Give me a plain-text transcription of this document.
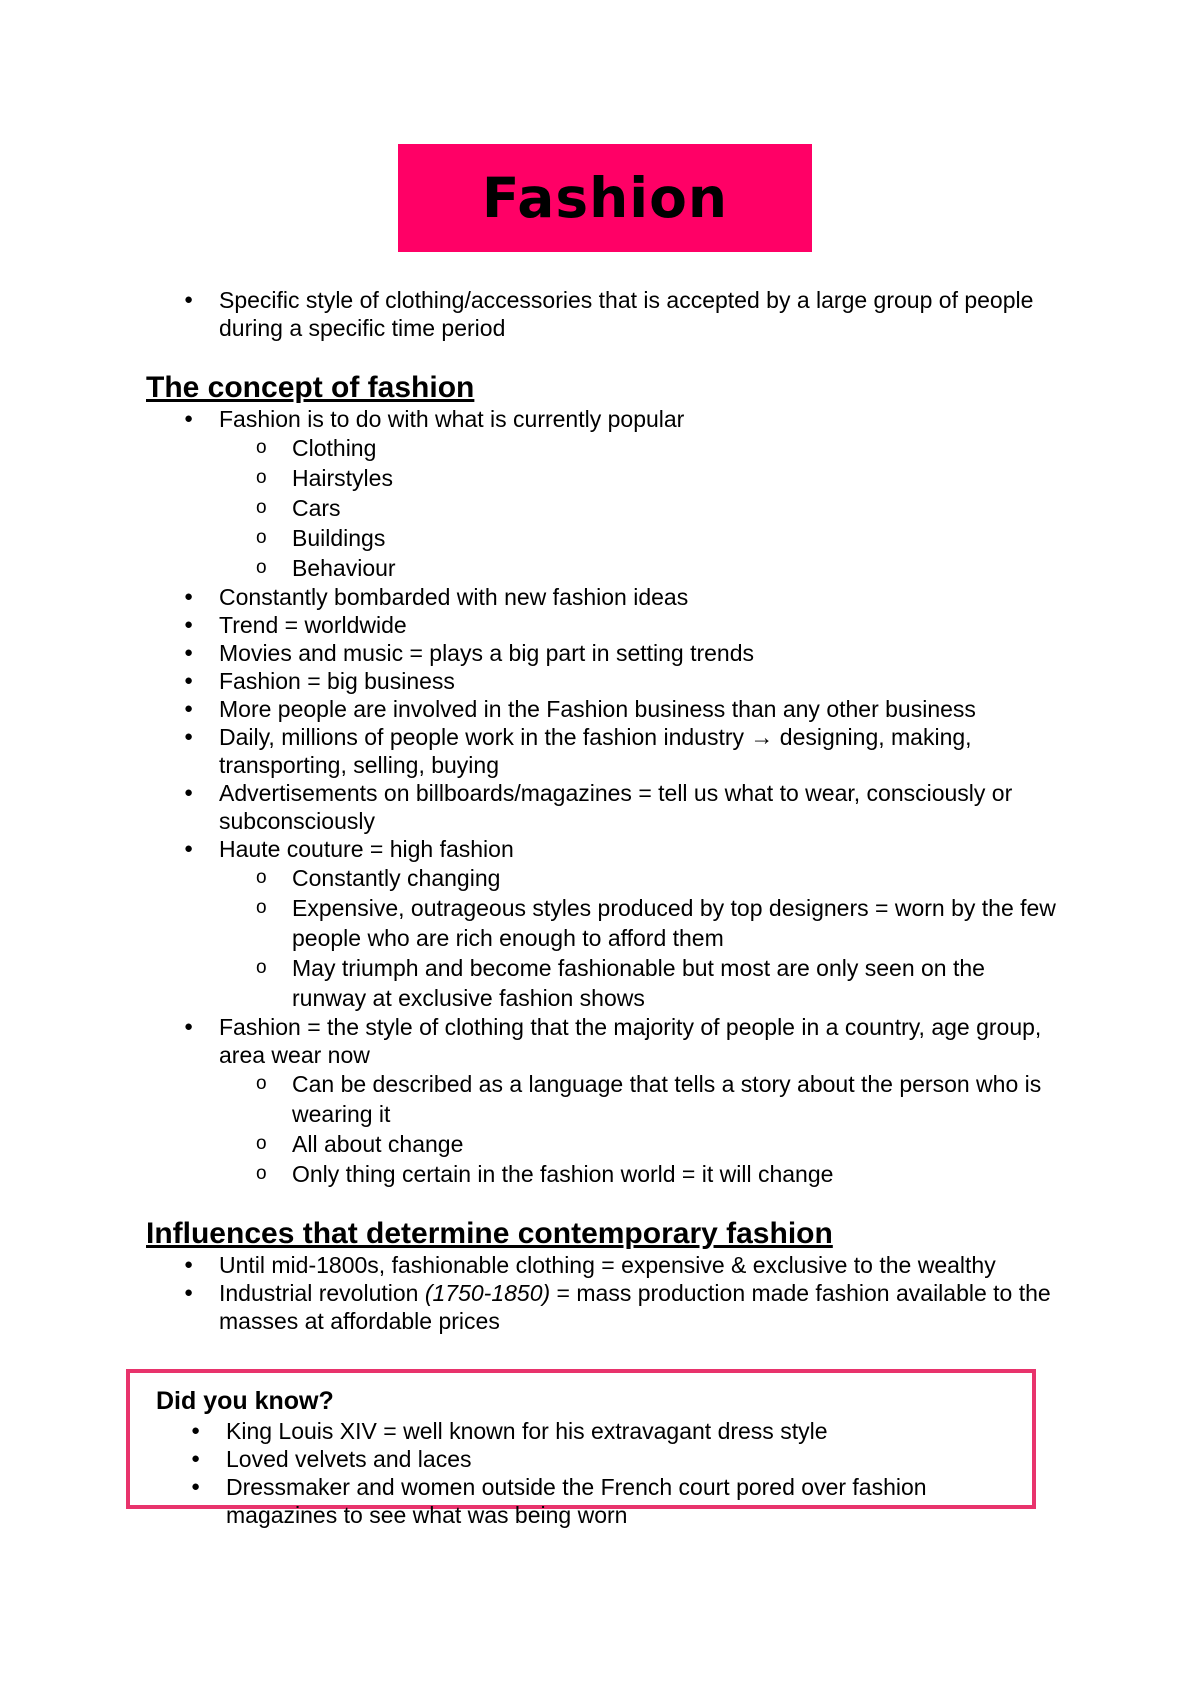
Fashion
● Specific style of clothing/accessories that is accepted by a large group of people during a specific time period
The concept of fashion
● Fashion is to do with what is currently popular
o Clothing
o Hairstyles
o Cars
o Buildings
o Behaviour
● Constantly bombarded with new fashion ideas
● Trend = worldwide
● Movies and music = plays a big part in setting trends
● Fashion = big business
● More people are involved in the Fashion business than any other business
● Daily, millions of people work in the fashion industry → designing, making, transporting, selling, buying
● Advertisements on billboards/magazines = tell us what to wear, consciously or subconsciously
● Haute couture = high fashion
o Constantly changing
o Expensive, outrageous styles produced by top designers = worn by the few people who are rich enough to afford them
o May triumph and become fashionable but most are only seen on the runway at exclusive fashion shows
● Fashion = the style of clothing that the majority of people in a country, age group, area wear now
o Can be described as a language that tells a story about the person who is wearing it
o All about change
o Only thing certain in the fashion world = it will change
Influences that determine contemporary fashion
● Until mid-1800s, fashionable clothing = expensive & exclusive to the wealthy
● Industrial revolution (1750-1850) = mass production made fashion available to the masses at affordable prices
Did you know?
● King Louis XIV = well known for his extravagant dress style
● Loved velvets and laces
● Dressmaker and women outside the French court pored over fashion magazines to see what was being worn
